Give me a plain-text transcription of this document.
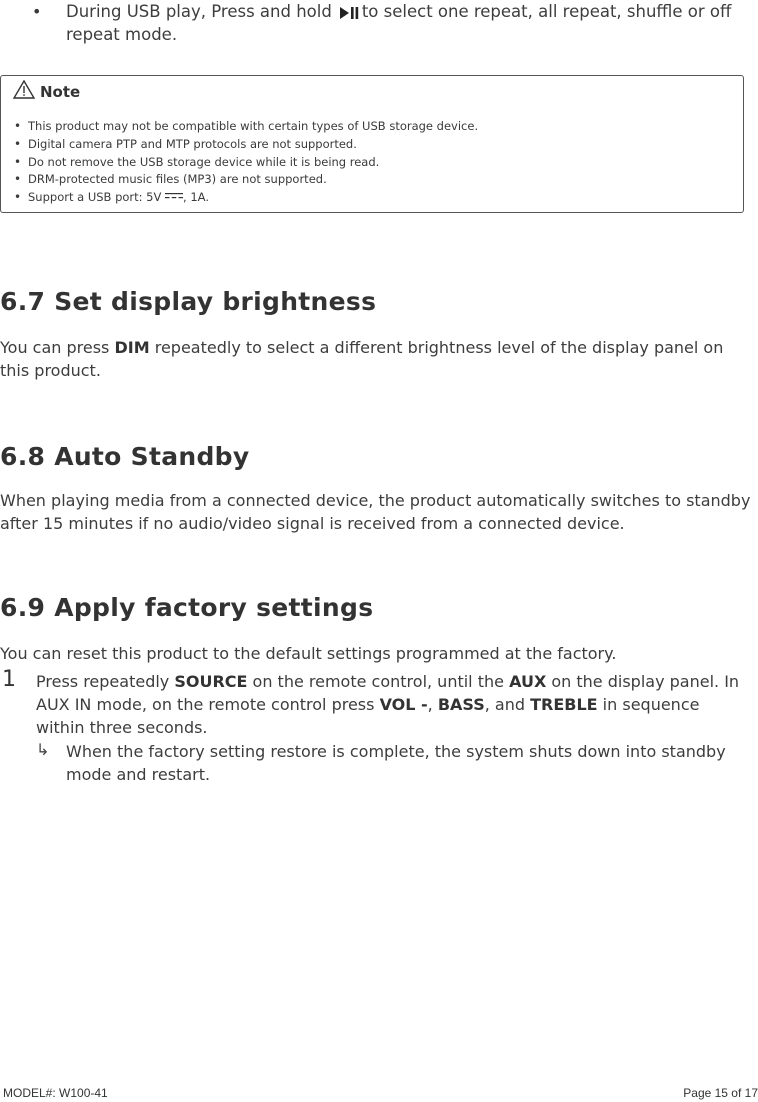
• During USB play, Press and hold to select one repeat, all repeat, shuffle or off repeat mode.
Note
• This product may not be compatible with certain types of USB storage device.
• Digital camera PTP and MTP protocols are not supported.
• Do not remove the USB storage device while it is being read.
• DRM-protected music files (MP3) are not supported.
• Support a USB port: 5V , 1A.
6.7 Set display brightness
You can press DIM repeatedly to select a different brightness level of the display panel on this product.
6.8 Auto Standby
When playing media from a connected device, the product automatically switches to standby after 15 minutes if no audio/video signal is received from a connected device.
6.9 Apply factory settings
You can reset this product to the default settings programmed at the factory.
1 Press repeatedly SOURCE on the remote control, until the AUX on the display panel. In AUX IN mode, on the remote control press VOL -, BASS, and TREBLE in sequence within three seconds.
↳ When the factory setting restore is complete, the system shuts down into standby mode and restart.
MODEL#: W100-41	Page 15 of 17
